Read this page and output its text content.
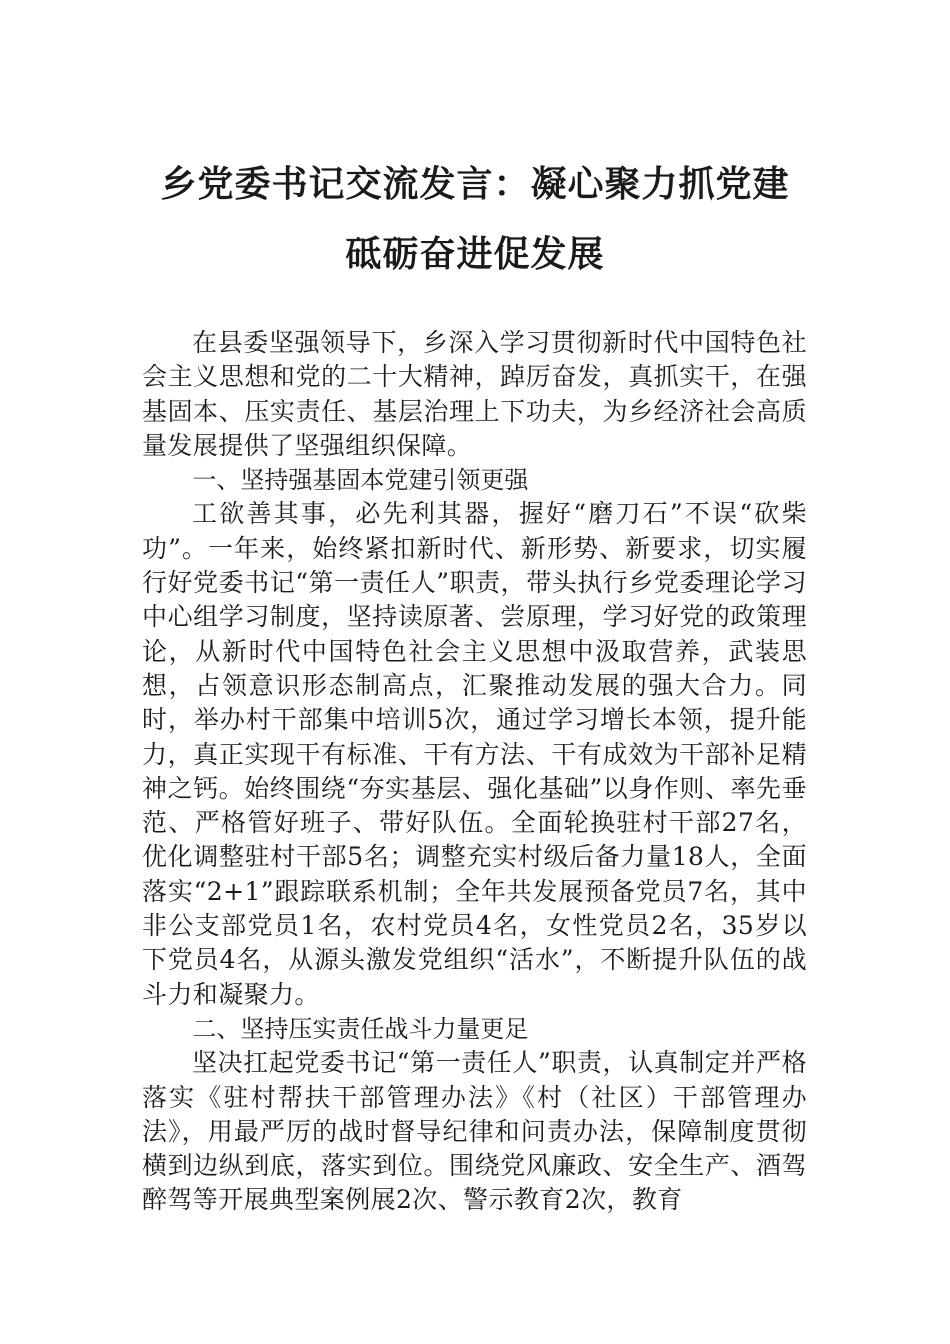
乡党委书记交流发言：凝心聚力抓党建 砥砺奋进促发展

在县委坚强领导下，乡深入学习贯彻新时代中国特色社会主义思想和党的二十大精神，踔厉奋发，真抓实干，在强基固本、压实责任、基层治理上下功夫，为乡经济社会高质量发展提供了坚强组织保障。

一、坚持强基固本党建引领更强

工欲善其事，必先利其器，握好“磨刀石”不误“砍柴功”。一年来，始终紧扣新时代、新形势、新要求，切实履行好党委书记“第一责任人”职责，带头执行乡党委理论学习中心组学习制度，坚持读原著、尝原理，学习好党的政策理论，从新时代中国特色社会主义思想中汲取营养，武装思想，占领意识形态制高点，汇聚推动发展的强大合力。同时，举办村干部集中培训5次，通过学习增长本领，提升能力，真正实现干有标准、干有方法、干有成效为干部补足精神之钙。始终围绕“夯实基层、强化基础”以身作则、率先垂范、严格管好班子、带好队伍。全面轮换驻村干部27名，优化调整驻村干部5名；调整充实村级后备力量18人，全面落实“2+1”跟踪联系机制；全年共发展预备党员7名，其中非公支部党员1名，农村党员4名，女性党员2名，35岁以下党员4名，从源头激发党组织“活水”，不断提升队伍的战斗力和凝聚力。

二、坚持压实责任战斗力量更足

坚决扛起党委书记“第一责任人”职责，认真制定并严格落实《驻村帮扶干部管理办法》《村（社区）干部管理办法》，用最严厉的战时督导纪律和问责办法，保障制度贯彻横到边纵到底，落实到位。围绕党风廉政、安全生产、酒驾醉驾等开展典型案例展2次、警示教育2次，教育
